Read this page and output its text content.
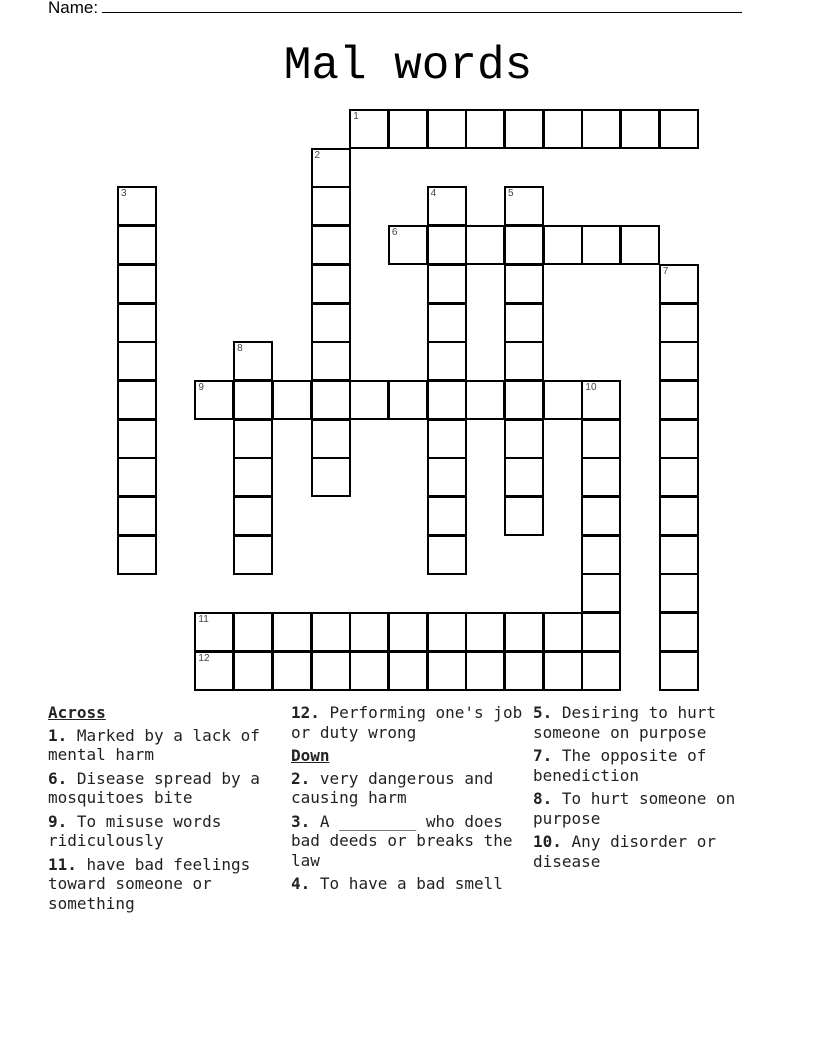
Name:
Mal words
1
2
3	4	5
6
7
8
9	10
11
12
Across
1. Marked by a lack of mental harm
6. Disease spread by a mosquitoes bite
9. To misuse words ridiculously
11. have bad feelings toward someone or something
12. Performing one's job or duty wrong
Down
2. very dangerous and causing harm
3. A ________ who does bad deeds or breaks the law
4. To have a bad smell
5. Desiring to hurt someone on purpose
7. The opposite of benediction
8. To hurt someone on purpose
10. Any disorder or disease
